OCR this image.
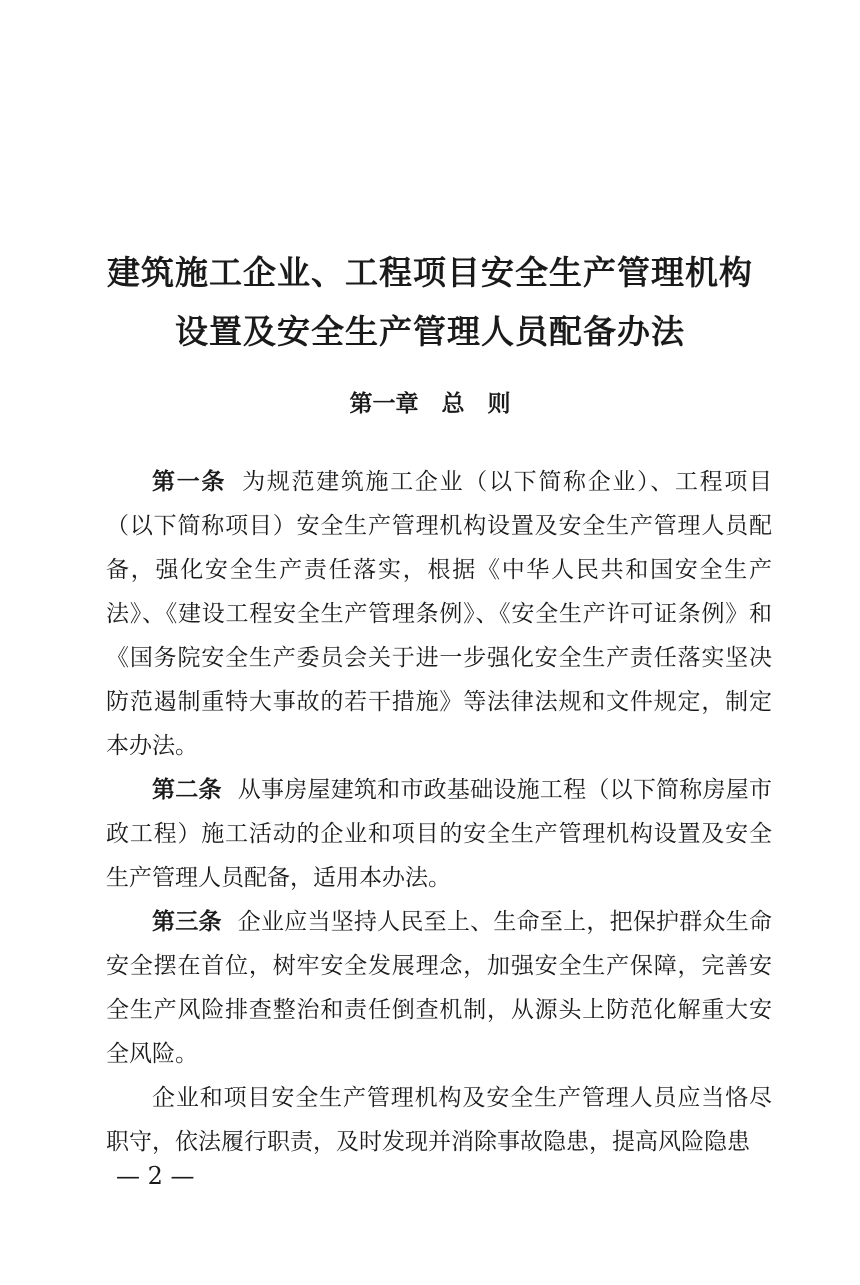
建筑施工企业、工程项目安全生产管理机构
设置及安全生产管理人员配备办法
第一章　总　则

第一条 为规范建筑施工企业（以下简称企业）、工程项目（以下简称项目）安全生产管理机构设置及安全生产管理人员配备，强化安全生产责任落实，根据《中华人民共和国安全生产法》、《建设工程安全生产管理条例》、《安全生产许可证条例》和《国务院安全生产委员会关于进一步强化安全生产责任落实坚决防范遏制重特大事故的若干措施》等法律法规和文件规定，制定本办法。

第二条 从事房屋建筑和市政基础设施工程（以下简称房屋市政工程）施工活动的企业和项目的安全生产管理机构设置及安全生产管理人员配备，适用本办法。

第三条 企业应当坚持人民至上、生命至上，把保护群众生命安全摆在首位，树牢安全发展理念，加强安全生产保障，完善安全生产风险排查整治和责任倒查机制，从源头上防范化解重大安全风险。

企业和项目安全生产管理机构及安全生产管理人员应当恪尽职守，依法履行职责，及时发现并消除事故隐患，提高风险隐患

— 2 —
